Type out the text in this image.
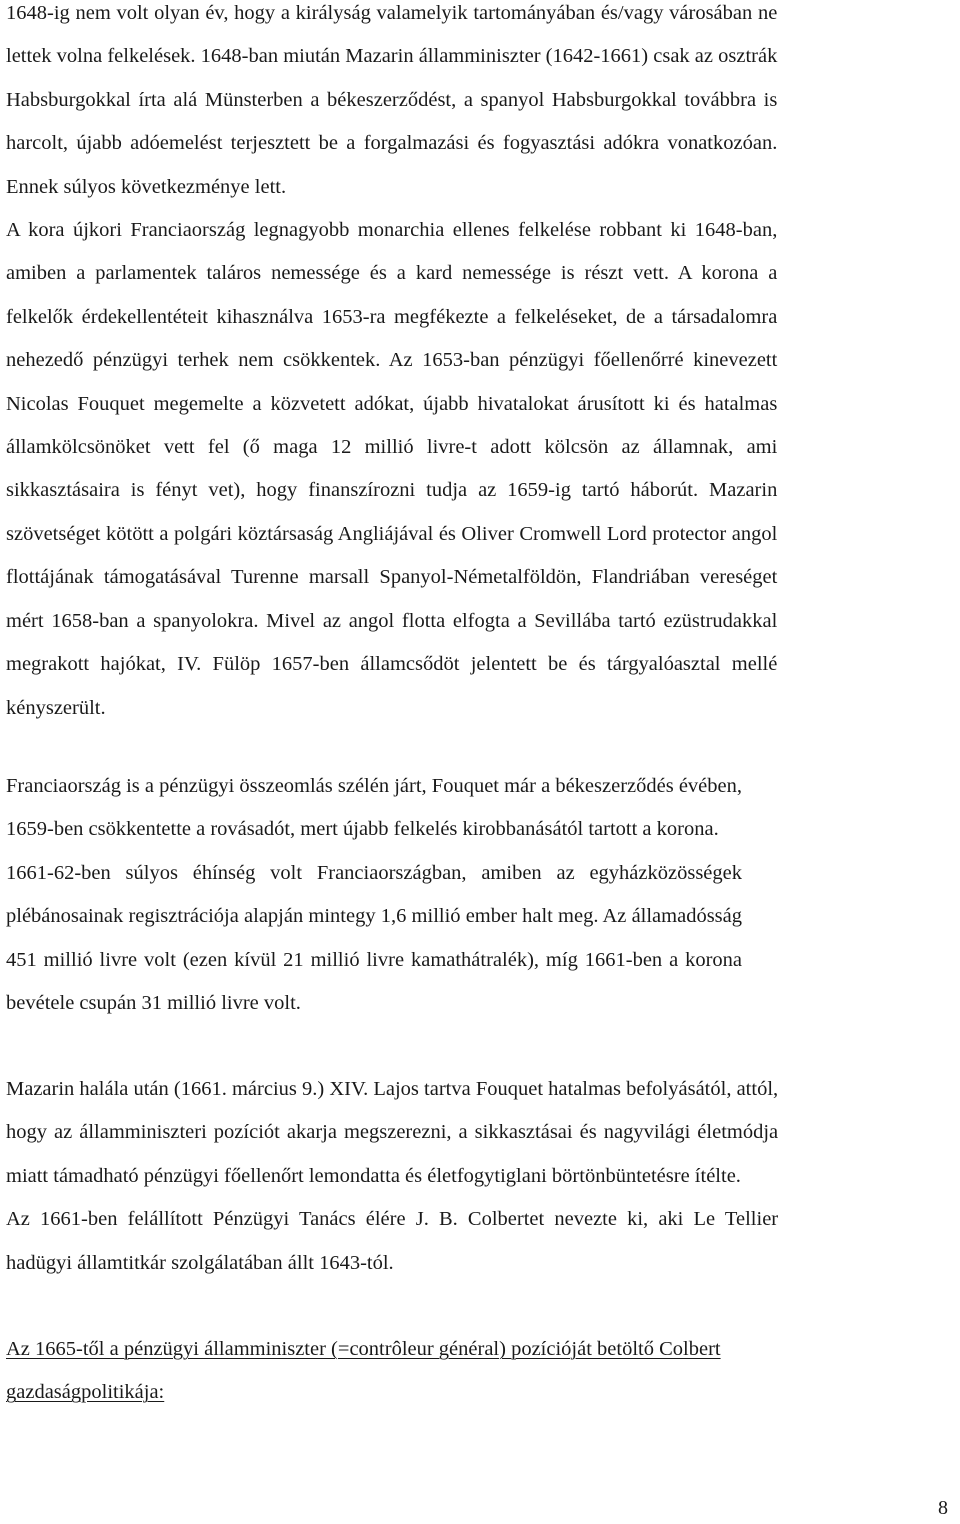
1648-ig nem volt olyan év, hogy a királyság valamelyik tartományában és/vagy városában ne
lettek volna felkelések. 1648-ban miután Mazarin államminiszter (1642-1661) csak az osztrák
Habsburgokkal írta alá Münsterben a békeszerződést, a spanyol Habsburgokkal továbbra is
harcolt, újabb adóemelést terjesztett be a forgalmazási és fogyasztási adókra vonatkozóan.
Ennek súlyos következménye lett.
A kora újkori Franciaország legnagyobb monarchia ellenes felkelése robbant ki 1648-ban,
amiben a parlamentek taláros nemessége és a kard nemessége is részt vett. A korona a
felkelők érdekellentéteit kihasználva 1653-ra megfékezte a felkeléseket, de a társadalomra
nehezedő pénzügyi terhek nem csökkentek. Az 1653-ban pénzügyi főellenőrré kinevezett
Nicolas Fouquet megemelte a közvetett adókat, újabb hivatalokat árusított ki és hatalmas
államkölcsönöket vett fel (ő maga 12 millió livre-t adott kölcsön az államnak, ami
sikkasztásaira is fényt vet), hogy finanszírozni tudja az 1659-ig tartó háborút. Mazarin
szövetséget kötött a polgári köztársaság Angliájával és Oliver Cromwell Lord protector angol
flottájának támogatásával Turenne marsall Spanyol-Németalföldön, Flandriában vereséget
mért 1658-ban a spanyolokra. Mivel az angol flotta elfogta a Sevillába tartó ezüstrudakkal
megrakott hajókat, IV. Fülöp 1657-ben államcsődöt jelentett be és tárgyalóasztal mellé
kényszerült.
Franciaország is a pénzügyi összeomlás szélén járt, Fouquet már a békeszerződés évében,
1659-ben csökkentette a rovásadót, mert újabb felkelés kirobbanásától tartott a korona.
1661-62-ben súlyos éhínség volt Franciaországban, amiben az egyházközösségek
plébánosainak regisztrációja alapján mintegy 1,6 millió ember halt meg. Az államadósság
451 millió livre volt (ezen kívül 21 millió livre kamathátralék), míg 1661-ben a korona
bevétele csupán 31 millió livre volt.
Mazarin halála után (1661. március 9.) XIV. Lajos tartva Fouquet hatalmas befolyásától, attól,
hogy az államminiszteri pozíciót akarja megszerezni, a sikkasztásai és nagyvilági életmódja
miatt támadható pénzügyi főellenőrt lemondatta és életfogytiglani börtönbüntetésre ítélte.
Az 1661-ben felállított Pénzügyi Tanács élére J. B. Colbertet nevezte ki, aki Le Tellier
hadügyi államtitkár szolgálatában állt 1643-tól.
Az 1665-től a pénzügyi államminiszter (=contrôleur général) pozícióját betöltő Colbert
gazdaságpolitikája:
8
